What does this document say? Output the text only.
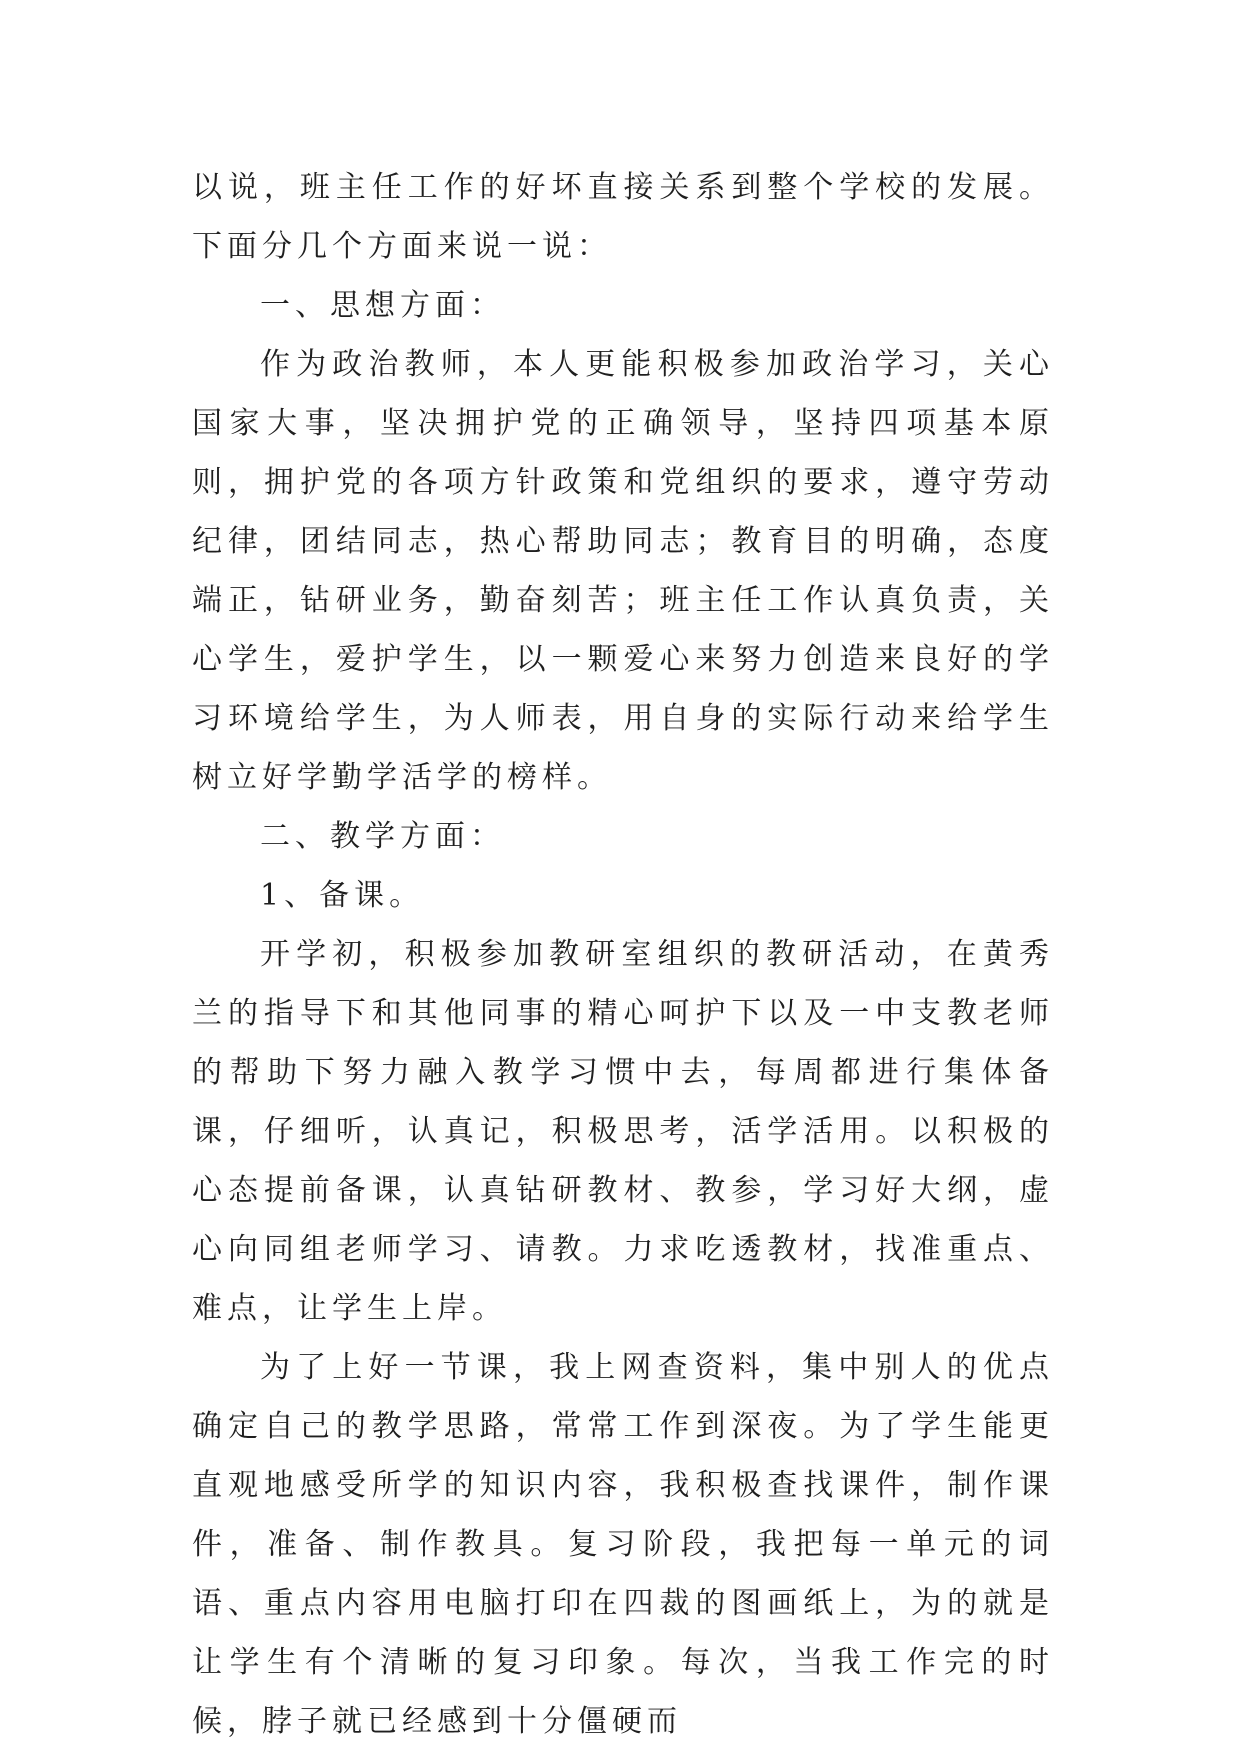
以说，班主任工作的好坏直接关系到整个学校的发展。下面分几个方面来说一说：

一、思想方面：

作为政治教师，本人更能积极参加政治学习，关心国家大事，坚决拥护党的正确领导，坚持四项基本原则，拥护党的各项方针政策和党组织的要求，遵守劳动纪律，团结同志，热心帮助同志；教育目的明确，态度端正，钻研业务，勤奋刻苦；班主任工作认真负责，关心学生，爱护学生，以一颗爱心来努力创造来良好的学习环境给学生，为人师表，用自身的实际行动来给学生树立好学勤学活学的榜样。

二、教学方面：

1、备课。

开学初，积极参加教研室组织的教研活动，在黄秀兰的指导下和其他同事的精心呵护下以及一中支教老师的帮助下努力融入教学习惯中去，每周都进行集体备课，仔细听，认真记，积极思考，活学活用。以积极的心态提前备课，认真钻研教材、教参，学习好大纲，虚心向同组老师学习、请教。力求吃透教材，找准重点、难点，让学生上岸。

为了上好一节课，我上网查资料，集中别人的优点确定自己的教学思路，常常工作到深夜。为了学生能更直观地感受所学的知识内容，我积极查找课件，制作课件，准备、制作教具。复习阶段，我把每一单元的词语、重点内容用电脑打印在四裁的图画纸上，为的就是让学生有个清晰的复习印象。每次，当我工作完的时候，脖子就已经感到十分僵硬而
